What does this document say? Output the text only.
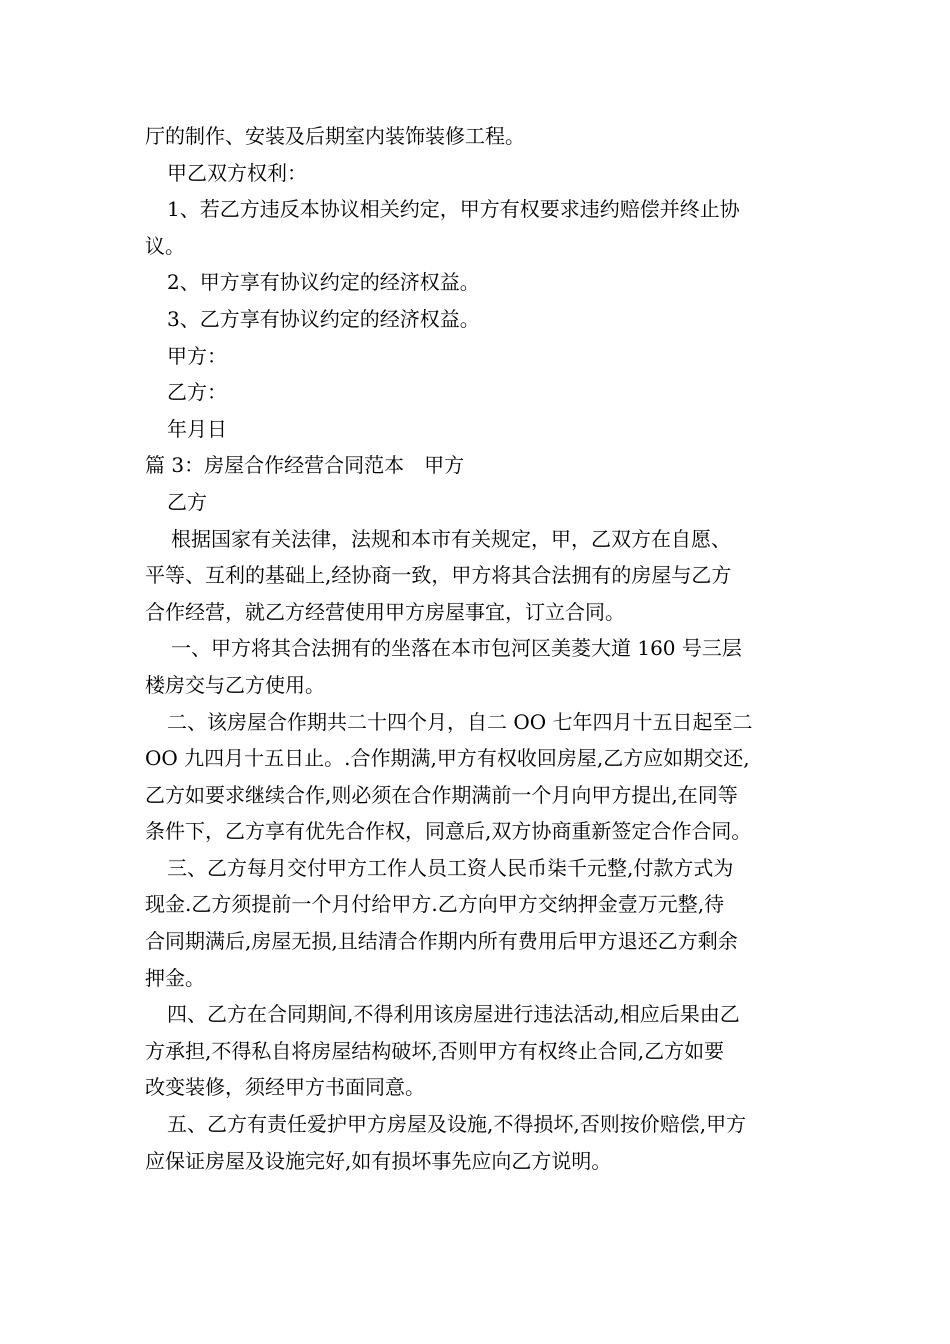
厅的制作、安装及后期室内装饰装修工程。
甲乙双方权利：
1、若乙方违反本协议相关约定，甲方有权要求违约赔偿并终止协
议。
2、甲方享有协议约定的经济权益。
3、乙方享有协议约定的经济权益。
甲方：
乙方：
年月日
篇 3：房屋合作经营合同范本　甲方
乙方
根据国家有关法律，法规和本市有关规定，甲，乙双方在自愿、
平等、互利的基础上,经协商一致，甲方将其合法拥有的房屋与乙方
合作经营，就乙方经营使用甲方房屋事宜，订立合同。
一、甲方将其合法拥有的坐落在本市包河区美菱大道 160 号三层
楼房交与乙方使用。
二、该房屋合作期共二十四个月，自二 OO 七年四月十五日起至二
OO 九四月十五日止。.合作期满,甲方有权收回房屋,乙方应如期交还,
乙方如要求继续合作,则必须在合作期满前一个月向甲方提出,在同等
条件下，乙方享有优先合作权，同意后,双方协商重新签定合作合同。
三、乙方每月交付甲方工作人员工资人民币柒千元整,付款方式为
现金.乙方须提前一个月付给甲方.乙方向甲方交纳押金壹万元整,待
合同期满后,房屋无损,且结清合作期内所有费用后甲方退还乙方剩余
押金。
四、乙方在合同期间,不得利用该房屋进行违法活动,相应后果由乙
方承担,不得私自将房屋结构破坏,否则甲方有权终止合同,乙方如要
改变装修，须经甲方书面同意。
五、乙方有责任爱护甲方房屋及设施,不得损坏,否则按价赔偿,甲方
应保证房屋及设施完好,如有损坏事先应向乙方说明。
